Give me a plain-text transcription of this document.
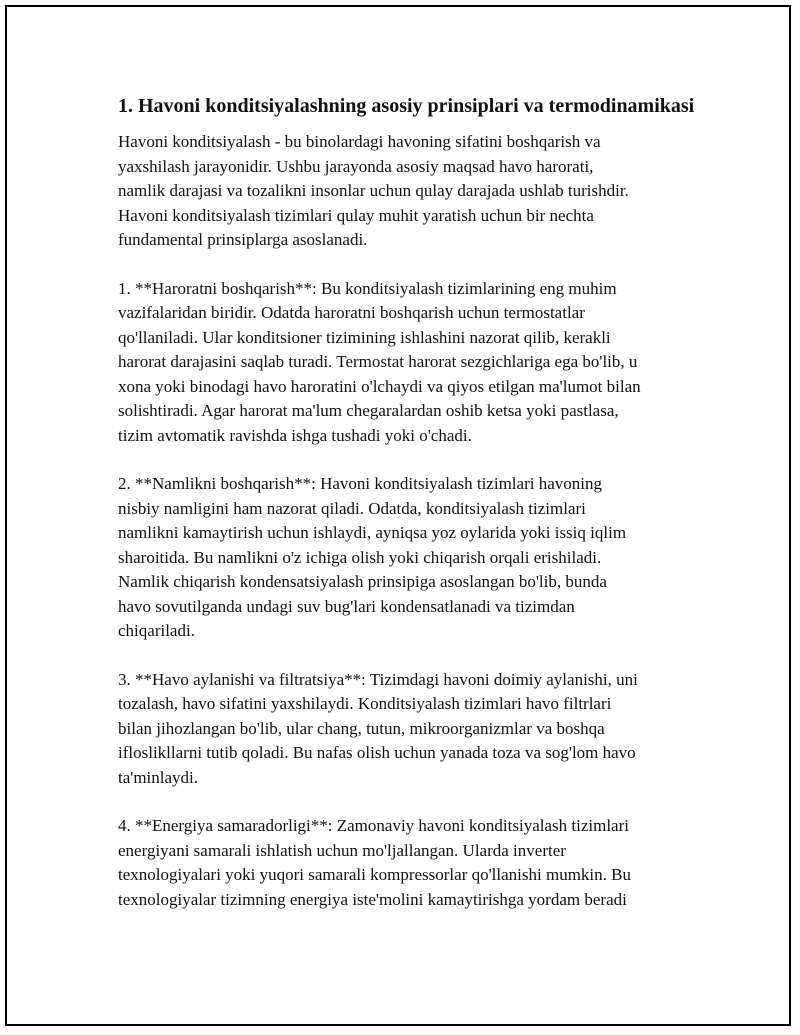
1. Havoni konditsiyalashning asosiy prinsiplari va termodinamikasi

Havoni konditsiyalash - bu binolardagi havoning sifatini boshqarish va
yaxshilash jarayonidir. Ushbu jarayonda asosiy maqsad havo harorati,
namlik darajasi va tozalikni insonlar uchun qulay darajada ushlab turishdir.
Havoni konditsiyalash tizimlari qulay muhit yaratish uchun bir nechta
fundamental prinsiplarga asoslanadi.

1. **Haroratni boshqarish**: Bu konditsiyalash tizimlarining eng muhim
vazifalaridan biridir. Odatda haroratni boshqarish uchun termostatlar
qo'llaniladi. Ular konditsioner tizimining ishlashini nazorat qilib, kerakli
harorat darajasini saqlab turadi. Termostat harorat sezgichlariga ega bo'lib, u
xona yoki binodagi havo haroratini o'lchaydi va qiyos etilgan ma'lumot bilan
solishtiradi. Agar harorat ma'lum chegaralardan oshib ketsa yoki pastlasa,
tizim avtomatik ravishda ishga tushadi yoki o'chadi.

2. **Namlikni boshqarish**: Havoni konditsiyalash tizimlari havoning
nisbiy namligini ham nazorat qiladi. Odatda, konditsiyalash tizimlari
namlikni kamaytirish uchun ishlaydi, ayniqsa yoz oylarida yoki issiq iqlim
sharoitida. Bu namlikni o'z ichiga olish yoki chiqarish orqali erishiladi.
Namlik chiqarish kondensatsiyalash prinsipiga asoslangan bo'lib, bunda
havo sovutilganda undagi suv bug'lari kondensatlanadi va tizimdan
chiqariladi.

3. **Havo aylanishi va filtratsiya**: Tizimdagi havoni doimiy aylanishi, uni
tozalash, havo sifatini yaxshilaydi. Konditsiyalash tizimlari havo filtrlari
bilan jihozlangan bo'lib, ular chang, tutun, mikroorganizmlar va boshqa
ifloslikllarni tutib qoladi. Bu nafas olish uchun yanada toza va sog'lom havo
ta'minlaydi.

4. **Energiya samaradorligi**: Zamonaviy havoni konditsiyalash tizimlari
energiyani samarali ishlatish uchun mo'ljallangan. Ularda inverter
texnologiyalari yoki yuqori samarali kompressorlar qo'llanishi mumkin. Bu
texnologiyalar tizimning energiya iste'molini kamaytirishga yordam beradi
